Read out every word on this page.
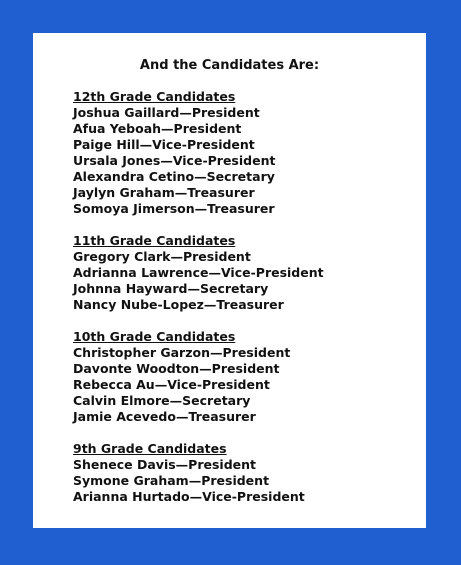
And the Candidates Are:

12th Grade Candidates

Joshua Gaillard—President

Afua Yeboah—President

Paige Hill—Vice-President

Ursala Jones—Vice-President

Alexandra Cetino—Secretary

Jaylyn Graham—Treasurer

Somoya Jimerson—Treasurer

11th Grade Candidates

Gregory Clark—President

Adrianna Lawrence—Vice-President

Johnna Hayward—Secretary

Nancy Nube-Lopez—Treasurer

10th Grade Candidates

Christopher Garzon—President

Davonte Woodton—President

Rebecca Au—Vice-President

Calvin Elmore—Secretary

Jamie Acevedo—Treasurer

9th Grade Candidates

Shenece Davis—President

Symone Graham—President

Arianna Hurtado—Vice-President
